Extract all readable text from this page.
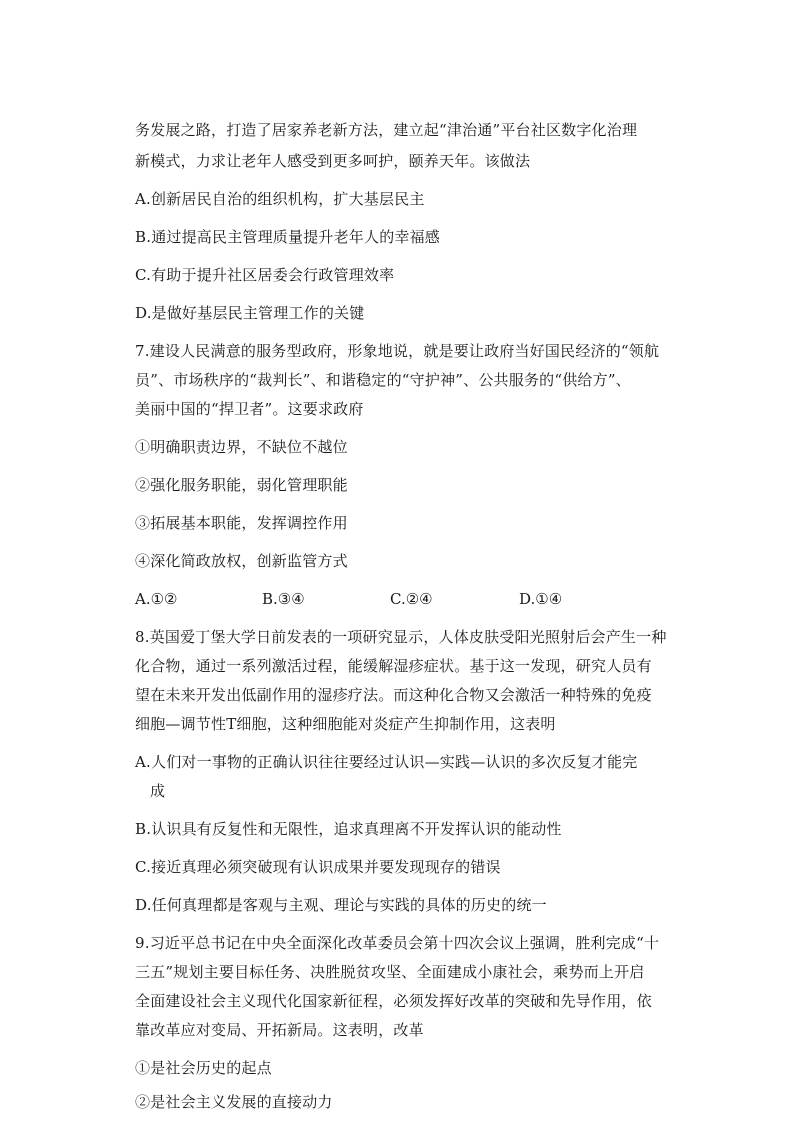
务发展之路，打造了居家养老新方法，建立起“津治通”平台社区数字化治理
新模式，力求让老年人感受到更多呵护，颐养天年。该做法
A.创新居民自治的组织机构，扩大基层民主
B.通过提高民主管理质量提升老年人的幸福感
C.有助于提升社区居委会行政管理效率
D.是做好基层民主管理工作的关键
7.建设人民满意的服务型政府，形象地说，就是要让政府当好国民经济的“领航
员”、市场秩序的“裁判长”、和谐稳定的“守护神”、公共服务的“供给方”、
美丽中国的“捍卫者”。这要求政府
①明确职责边界，不缺位不越位
②强化服务职能，弱化管理职能
③拓展基本职能，发挥调控作用
④深化简政放权，创新监管方式
A.①②	B.③④	C.②④	D.①④
8.英国爱丁堡大学日前发表的一项研究显示，人体皮肤受阳光照射后会产生一种
化合物，通过一系列激活过程，能缓解湿疹症状。基于这一发现，研究人员有
望在未来开发出低副作用的湿疹疗法。而这种化合物又会激活一种特殊的免疫
细胞—调节性T细胞，这种细胞能对炎症产生抑制作用，这表明
A.人们对一事物的正确认识往往要经过认识—实践—认识的多次反复才能完
成
B.认识具有反复性和无限性，追求真理离不开发挥认识的能动性
C.接近真理必须突破现有认识成果并要发现现存的错误
D.任何真理都是客观与主观、理论与实践的具体的历史的统一
9.习近平总书记在中央全面深化改革委员会第十四次会议上强调，胜利完成“十
三五”规划主要目标任务、决胜脱贫攻坚、全面建成小康社会，乘势而上开启
全面建设社会主义现代化国家新征程，必须发挥好改革的突破和先导作用，依
靠改革应对变局、开拓新局。这表明，改革
①是社会历史的起点
②是社会主义发展的直接动力
